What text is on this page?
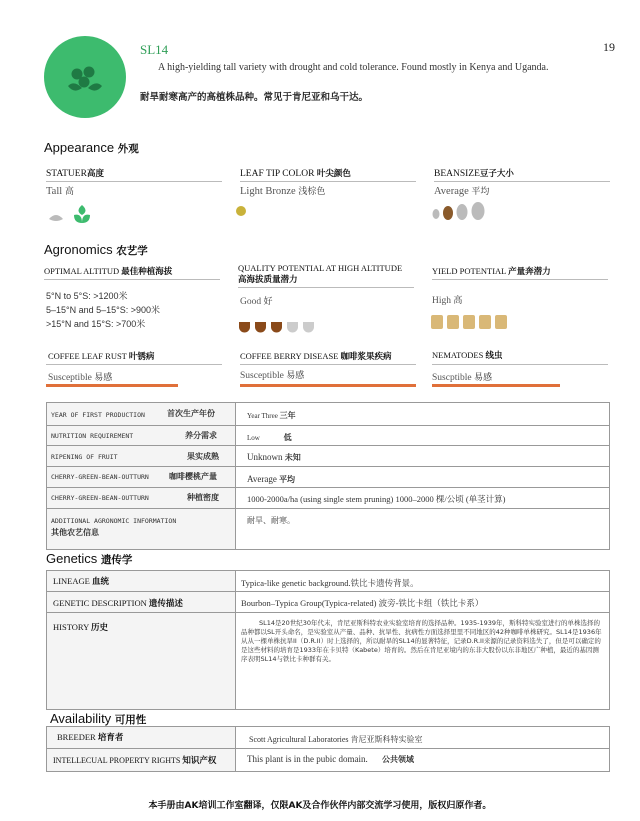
SL14
A high-yielding tall variety with drought and cold tolerance. Found mostly in Kenya and Uganda.
耐旱耐寒高产的高植株品种。常见于肯尼亚和乌干达。
19
Appearance 外观
STATUER高度
Tall 高

LEAF TIP COLOR 叶尖颜色
Light Bronze 浅棕色
BEANSIZE豆子大小
Average 平均
Agronomics 农艺学
OPTIMAL ALTITUD 最佳种植海拔
5°N to 5°S: >1200米
5–15°N and 5–15°S: >900米
>15°N and 15°S: >700米
QUALITY POTENTIAL AT HIGH ALTITUDE
高海拔质量潜力
Good 好
YIELD POTENTIAL 产量奔潜力
High 高
COFFEE LEAF RUST 叶锈病
Susceptible 易感
COFFEE BERRY DISEASE 咖啡浆果疾病
Susceptible 易感
NEMATODES 线虫
Suscptible 易感
YEAR OF FIRST PRODUCTION	首次生产年份	Year Three 三年
NUTRITION REQUIREMENT	养分需求	Low	低
RIPENING OF FRUIT	果实成熟	Unknown 未知
CHERRY-GREEN-BEAN-OUTTURN	咖啡樱桃产量	Average 平均
CHERRY-GREEN-BEAN-OUTTURN	种植密度	1000-2000a/ha (using single stem pruning) 1000–2000 棵/公顷 (单茎计算)
ADDITIONAL AGRONOMIC INFORMATION
其他农艺信息
耐旱、耐寒。
Genetics 遗传学
LINEAGE 血统	Typica-like genetic background.铁比卡遗传背景。
GENETIC DESCRIPTION 遗传描述	Bourbon–Typica Group(Typica-related) 波旁-铁比卡组（铁比卡系）
HISTORY 历史	SL14是20世纪30年代末，肯尼亚斯科特农业实验室培育的选择品种。1935-1939年，斯科特实验室进行的单株选择的品种都以SL开头命名，是实验室从产量、品种、抗旱性、抗病性方面选择里里不同地区的42种咖啡单株研究。SL14是1936年从从一棵单株抗旱II（D.R.II）时上选择的，所以耐旱的SL14的显著特征，记录D.R.II来源的记录资料选失了，但是可以确定的是这些材料的培育是1933年在卡贝特（Kabete）培育的。然后在肯尼亚境内的东非大股份以东非地区广种植，最近的基因测序表明SL14与铁比卡种群有关。
Availability 可用性
BREEDER 培育者	Scott Agricultural Laboratories 肯尼亚斯科特实验室
INTELLECUAL PROPERTY RIGHTS 知识产权	This plant is in the pubic domain. 公共领域
本手册由AK培训工作室翻译，仅限AK及合作伙伴内部交流学习使用，版权归原作者。
